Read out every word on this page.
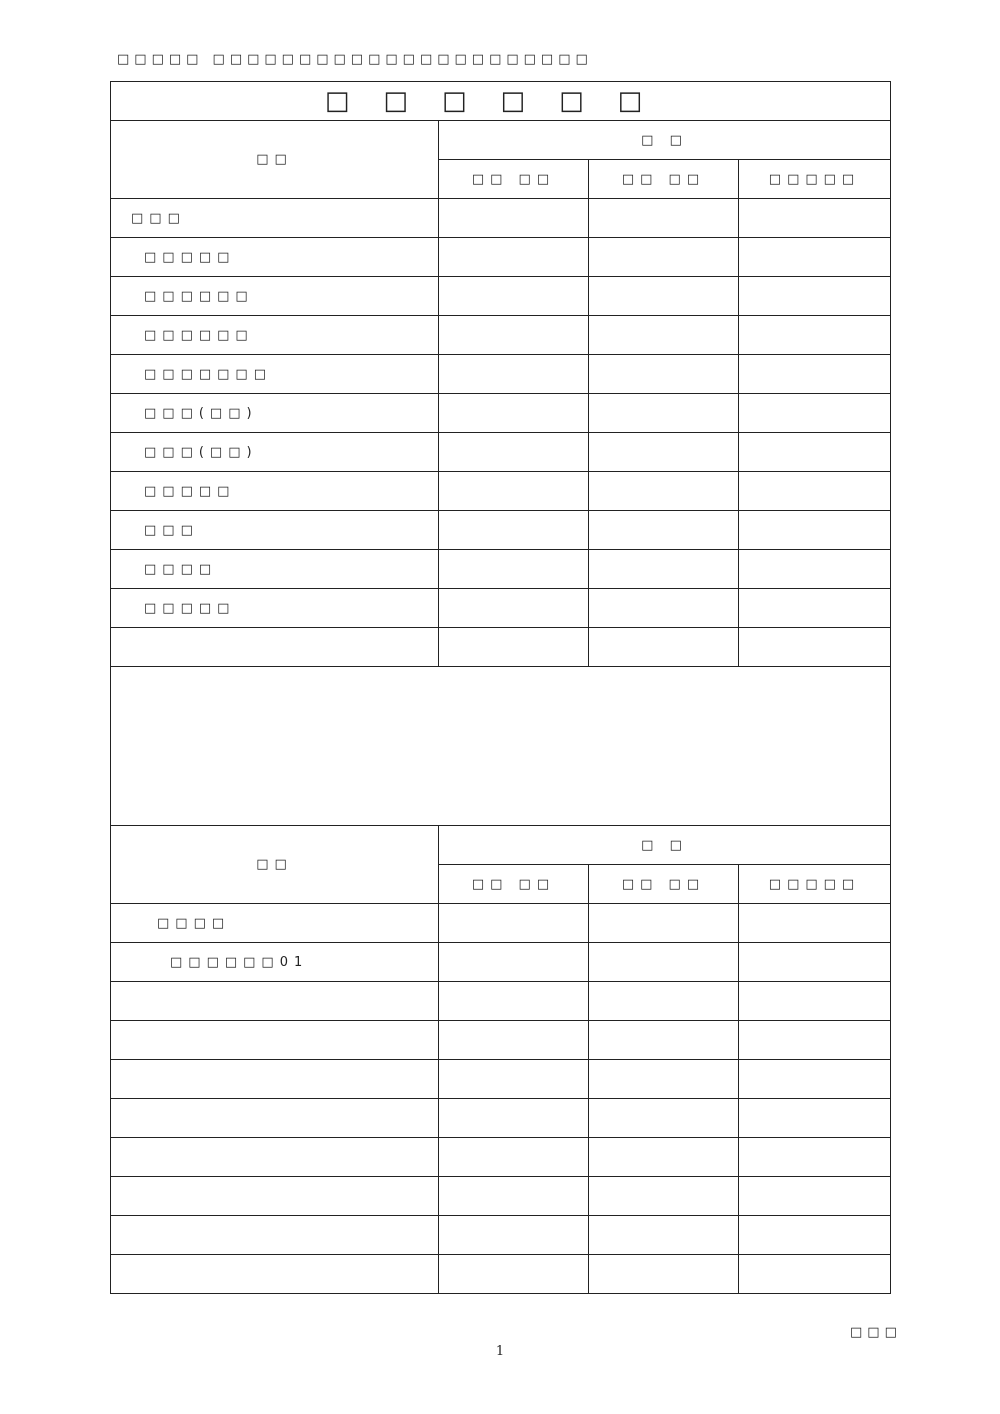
□□□□□ □□□□□□□□□□□□□□□□□□□□□□
□□□□□□			
□□	□ □		
	□□ □□	□□ □□	□□□□□
□□□			
□□□□□			
□□□□□□			
□□□□□□			
□□□□□□□			
□□□(□□)			
□□□(□□)			
□□□□□			
□□□			
□□□□			
□□□□□			

□□	□ □		
	□□ □□	□□ □□	□□□□□
□□□□			
□□□□□□01			

□□□
1
